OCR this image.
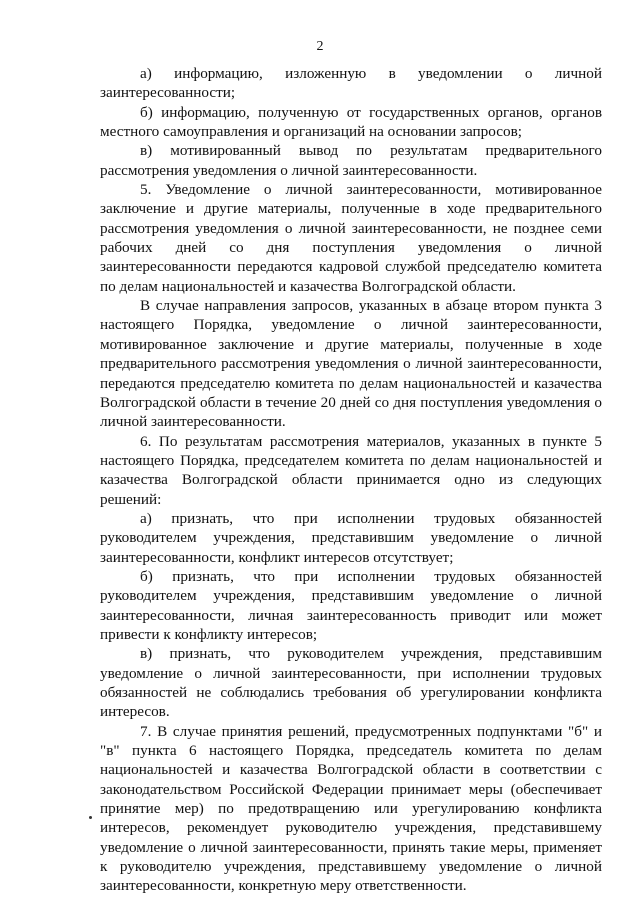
2

а) информацию, изложенную в уведомлении о личной заинтересованности;

б) информацию, полученную от государственных органов, органов местного самоуправления и организаций на основании запросов;

в) мотивированный вывод по результатам предварительного рассмотрения уведомления о личной заинтересованности.

5. Уведомление о личной заинтересованности, мотивированное заключение и другие материалы, полученные в ходе предварительного рассмотрения уведомления о личной заинтересованности, не позднее семи рабочих дней со дня поступления уведомления о личной заинтересованности передаются кадровой службой председателю комитета по делам национальностей и казачества Волгоградской области.

В случае направления запросов, указанных в абзаце втором пункта 3 настоящего Порядка, уведомление о личной заинтересованности, мотивированное заключение и другие материалы, полученные в ходе предварительного рассмотрения уведомления о личной заинтересованности, передаются председателю комитета по делам национальностей и казачества Волгоградской области в течение 20 дней со дня поступления уведомления о личной заинтересованности.

6. По результатам рассмотрения материалов, указанных в пункте 5 настоящего Порядка, председателем комитета по делам национальностей и казачества Волгоградской области принимается одно из следующих решений:

а) признать, что при исполнении трудовых обязанностей руководителем учреждения, представившим уведомление о личной заинтересованности, конфликт интересов отсутствует;

б) признать, что при исполнении трудовых обязанностей руководителем учреждения, представившим уведомление о личной заинтересованности, личная заинтересованность приводит или может привести к конфликту интересов;

в) признать, что руководителем учреждения, представившим уведомление о личной заинтересованности, при исполнении трудовых обязанностей не соблюдались требования об урегулировании конфликта интересов.

7. В случае принятия решений, предусмотренных подпунктами "б" и "в" пункта 6 настоящего Порядка, председатель комитета по делам национальностей и казачества Волгоградской области в соответствии с законодательством Российской Федерации принимает меры (обеспечивает принятие мер) по предотвращению или урегулированию конфликта интересов, рекомендует руководителю учреждения, представившему уведомление о личной заинтересованности, принять такие меры, применяет к руководителю учреждения, представившему уведомление о личной заинтересованности, конкретную меру ответственности.
